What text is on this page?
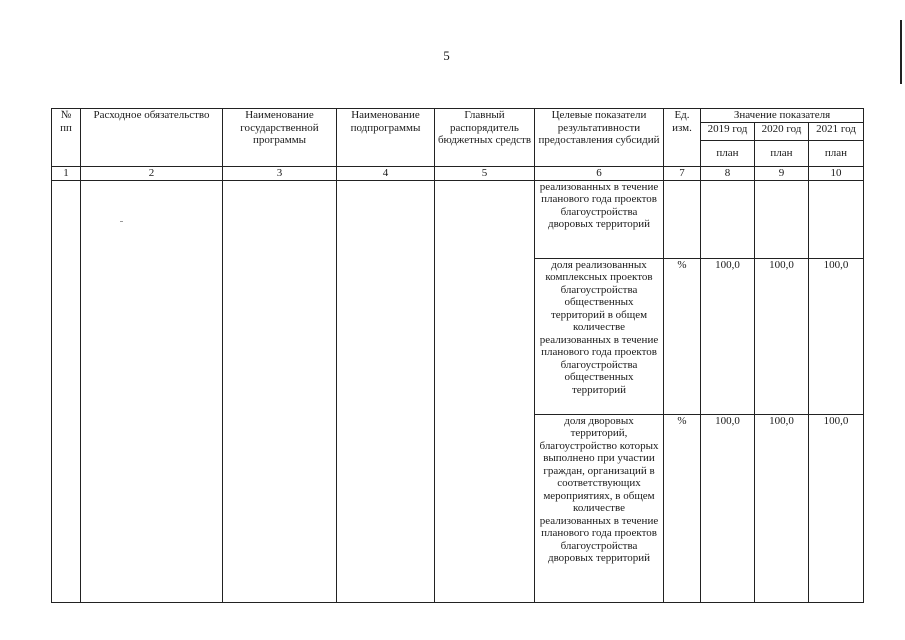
5
№ пп	Расходное обязательство	Наименование государственной программы	Наименование подпрограммы	Главный распорядитель бюджетных средств	Целевые показатели результативности предоставления субсидий	Ед. изм.	Значение показателя		
							2019 год	2020 год	2021 год
							план	план	план
1	2	3	4	5	6	7	8	9	10
					реализованных в течение планового года проектов благоустройства дворовых территорий				
					доля реализованных комплексных проектов благоустройства общественных территорий в общем количестве реализованных в течение планового года проектов благоустройства общественных территорий	%	100,0	100,0	100,0
					доля дворовых территорий, благоустройство которых выполнено при участии граждан, организаций в соответствующих мероприятиях, в общем количестве реализованных в течение планового года проектов благоустройства дворовых территорий	%	100,0	100,0	100,0
